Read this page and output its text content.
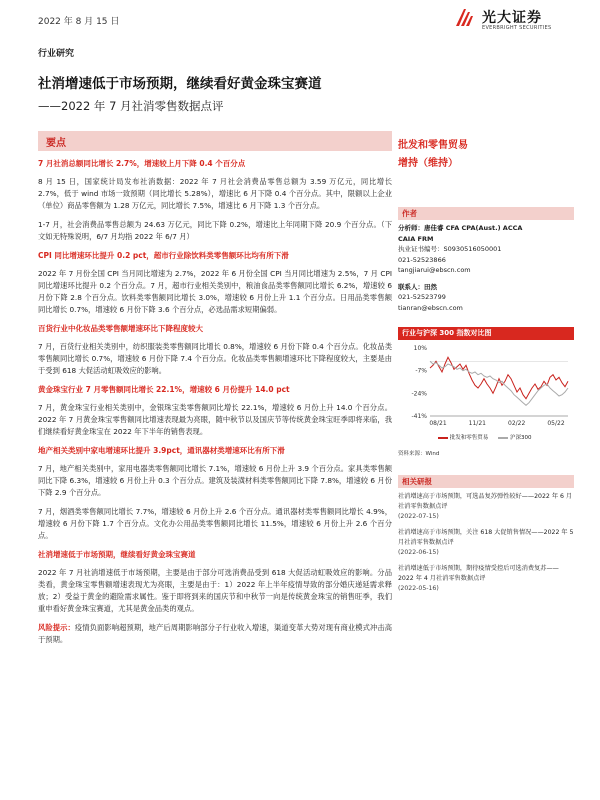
2022 年 8 月 15 日	光大证券
EVERBRIGHT SECURITIES
行业研究
社消增速低于市场预期，继续看好黄金珠宝赛道
——2022 年 7 月社消零售数据点评
要点
7 月社消总额同比增长 2.7%，增速较上月下降 0.4 个百分点

8 月 15 日，国家统计局发布社消数据：2022 年 7 月社会消费品零售总额为 3.59 万亿元，同比增长 2.7%，低于 wind 市场一致预期（同比增长 5.28%），增速比 6 月下降 0.4 个百分点。其中，限额以上企业（单位）商品零售额为 1.28 万亿元，同比增长 7.5%，增速比 6 月下降 1.3 个百分点。

1-7 月，社会消费品零售总额为 24.63 万亿元，同比下降 0.2%，增速比上年同期下降 20.9 个百分点。（下文如无特殊说明，6/7 月均指 2022 年 6/7 月）

CPI 同比增速环比提升 0.2 pct，超市行业除饮料类零售额环比均有所下滑

2022 年 7 月份全国 CPI 当月同比增速为 2.7%，2022 年 6 月份全国 CPI 当月同比增速为 2.5%，7 月 CPI 同比增速环比提升 0.2 个百分点。7 月，超市行业相关类别中，粮油食品类零售额同比增长 6.2%，增速较 6 月份下降 2.8 个百分点。饮料类零售额同比增长 3.0%，增速较 6 月份上升 1.1 个百分点。日用品类零售额同比增长 0.7%，增速较 6 月份下降 3.6 个百分点，必选品需求短期偏弱。

百货行业中化妆品类零售额增速环比下降程度较大

7 月，百货行业相关类别中，纺织服装类零售额同比增长 0.8%，增速较 6 月份下降 0.4 个百分点。化妆品类零售额同比增长 0.7%，增速较 6 月份下降 7.4 个百分点。化妆品类零售额增速环比下降程度较大，主要是由于受到 618 大促活动虹吸效应的影响。

黄金珠宝行业 7 月零售额同比增长 22.1%，增速较 6 月份提升 14.0 pct

7 月，黄金珠宝行业相关类别中，金银珠宝类零售额同比增长 22.1%，增速较 6 月份上升 14.0 个百分点。2022 年 7 月黄金珠宝零售额同比增速表现最为亮眼，随中秋节以及国庆节等传统黄金珠宝旺季即将来临，我们继续看好黄金珠宝在 2022 年下半年的销售表现。

地产相关类别中家电增速环比提升 3.9pct，通讯器材类增速环比有所下滑

7 月，地产相关类别中，家用电器类零售额同比增长 7.1%，增速较 6 月份上升 3.9 个百分点。家具类零售额同比下降 6.3%，增速较 6 月份上升 0.3 个百分点。建筑及装潢材料类零售额同比下降 7.8%，增速较 6 月份下降 2.9 个百分点。

7 月，烟酒类零售额同比增长 7.7%，增速较 6 月份上升 2.6 个百分点。通讯器材类零售额同比增长 4.9%，增速较 6 月份下降 1.7 个百分点。文化办公用品类零售额同比增长 11.5%，增速较 6 月份上升 2.6 个百分点。

社消增速低于市场预期，继续看好黄金珠宝赛道

2022 年 7 月社消增速低于市场预期，主要是由于部分可选消费品受到 618 大促活动虹吸效应的影响。分品类看，黄金珠宝零售额增速表现尤为亮眼，主要是由于：1）2022 年上半年疫情导致的部分婚庆递延需求释放；2）受益于黄金的避险需求属性。鉴于即将到来的国庆节和中秋节一向是传统黄金珠宝的销售旺季，我们重申看好黄金珠宝赛道，尤其是黄金品类的观点。

风险提示：疫情负面影响超预期，地产后周期影响部分子行业收入增速，渠道变革大势对现有商业模式冲击高于预期。

批发和零售贸易
增持（维持）
作者
分析师：唐佳睿 CFA CPA(Aust.) ACCA
CAIA FRM
执业证书编号：S0930516050001
021-52523866
tangjiarui@ebscn.com
联系人：田然
021-52523799
tianran@ebscn.com
行业与沪深 300 指数对比图
10%
-7%
-24%
-41%
08/21	11/21	02/22	05/22
批发和零售贸易	沪深300
资料来源：Wind
相关研报
社消增速高于市场预期，可选品复苏弹性较好——2022 年 6 月社消零售数据点评
(2022-07-15)
社消增速高于市场预期，关注 618 大促销售情况——2022 年 5 月社消零售数据点评
(2022-06-15)
社消增速低于市场预期，期待疫情受控后可选消费复苏——2022 年 4 月社消零售数据点评
(2022-05-16)
